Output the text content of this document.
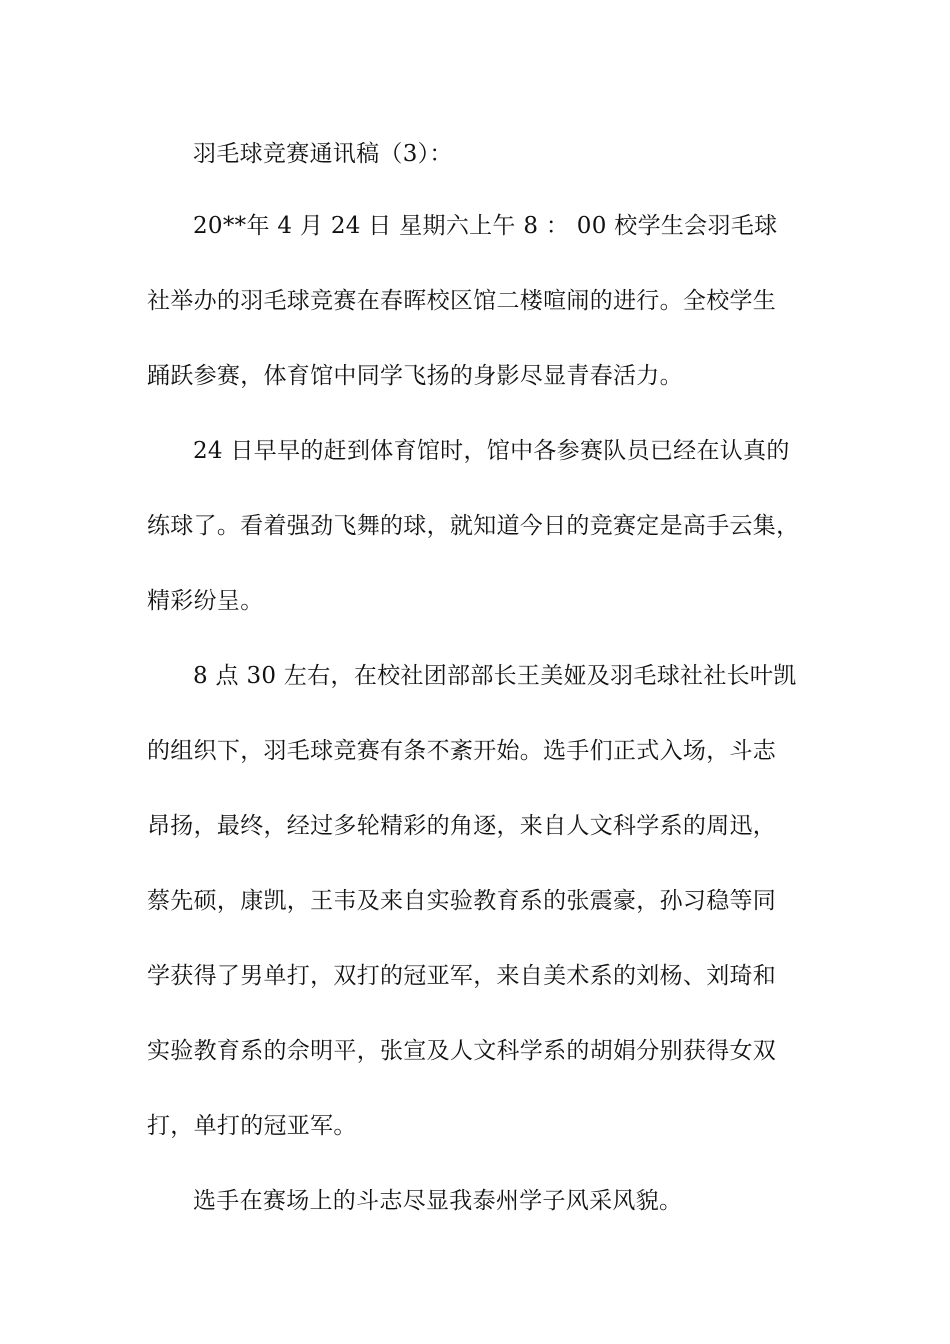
羽毛球竞赛通讯稿（3）：
20**年 4 月 24 日 星期六上午 8 ： 00 校学生会羽毛球
社举办的羽毛球竞赛在春晖校区馆二楼喧闹的进行。全校学生
踊跃参赛，体育馆中同学飞扬的身影尽显青春活力。
24 日早早的赶到体育馆时，馆中各参赛队员已经在认真的
练球了。看着强劲飞舞的球，就知道今日的竞赛定是高手云集，
精彩纷呈。
8 点 30 左右，在校社团部部长王美娅及羽毛球社社长叶凯
的组织下，羽毛球竞赛有条不紊开始。选手们正式入场，斗志
昂扬，最终，经过多轮精彩的角逐，来自人文科学系的周迅，
蔡先硕，康凯，王韦及来自实验教育系的张震豪，孙习稳等同
学获得了男单打，双打的冠亚军，来自美术系的刘杨、刘琦和
实验教育系的佘明平，张宣及人文科学系的胡娟分别获得女双
打，单打的冠亚军。
选手在赛场上的斗志尽显我泰州学子风采风貌。
